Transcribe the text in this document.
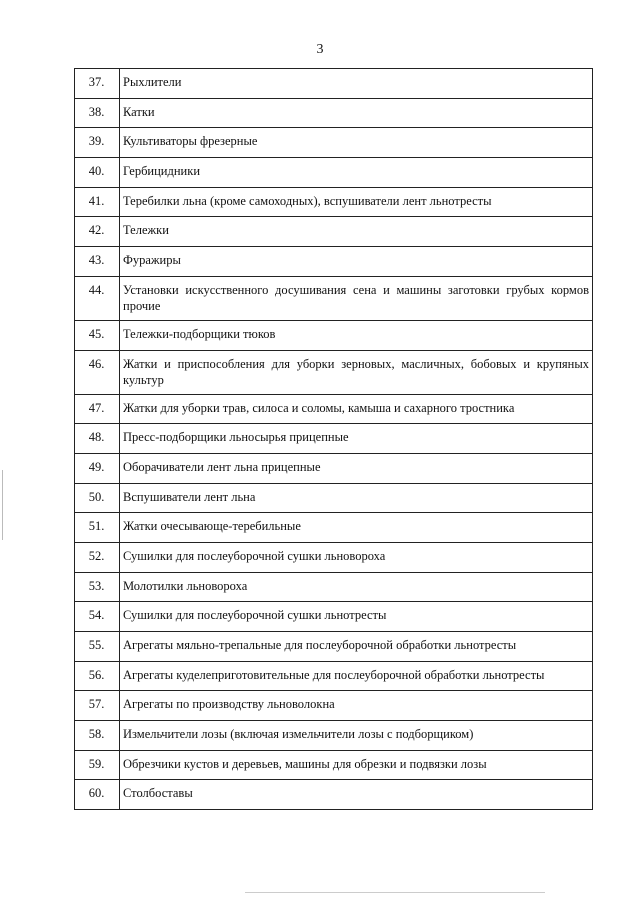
3
37.	Рыхлители
38.	Катки
39.	Культиваторы фрезерные
40.	Гербицидники
41.	Теребилки льна (кроме самоходных), вспушиватели лент льнотресты
42.	Тележки
43.	Фуражиры
44.	Установки искусственного досушивания сена и машины заготовки грубых кормов прочие
45.	Тележки-подборщики тюков
46.	Жатки и приспособления для уборки зерновых, масличных, бобовых и крупяных культур
47.	Жатки для уборки трав, силоса и соломы, камыша и сахарного тростника
48.	Пресс-подборщики льносырья прицепные
49.	Оборачиватели лент льна прицепные
50.	Вспушиватели лент льна
51.	Жатки очесывающе-теребильные
52.	Сушилки для послеуборочной сушки льновороха
53.	Молотилки льновороха
54.	Сушилки для послеуборочной сушки льнотресты
55.	Агрегаты мяльно-трепальные для послеуборочной обработки льнотресты
56.	Агрегаты куделеприготовительные для послеуборочной обработки льнотресты
57.	Агрегаты по производству льноволокна
58.	Измельчители лозы (включая измельчители лозы с подборщиком)
59.	Обрезчики кустов и деревьев, машины для обрезки и подвязки лозы
60.	Столбоставы
